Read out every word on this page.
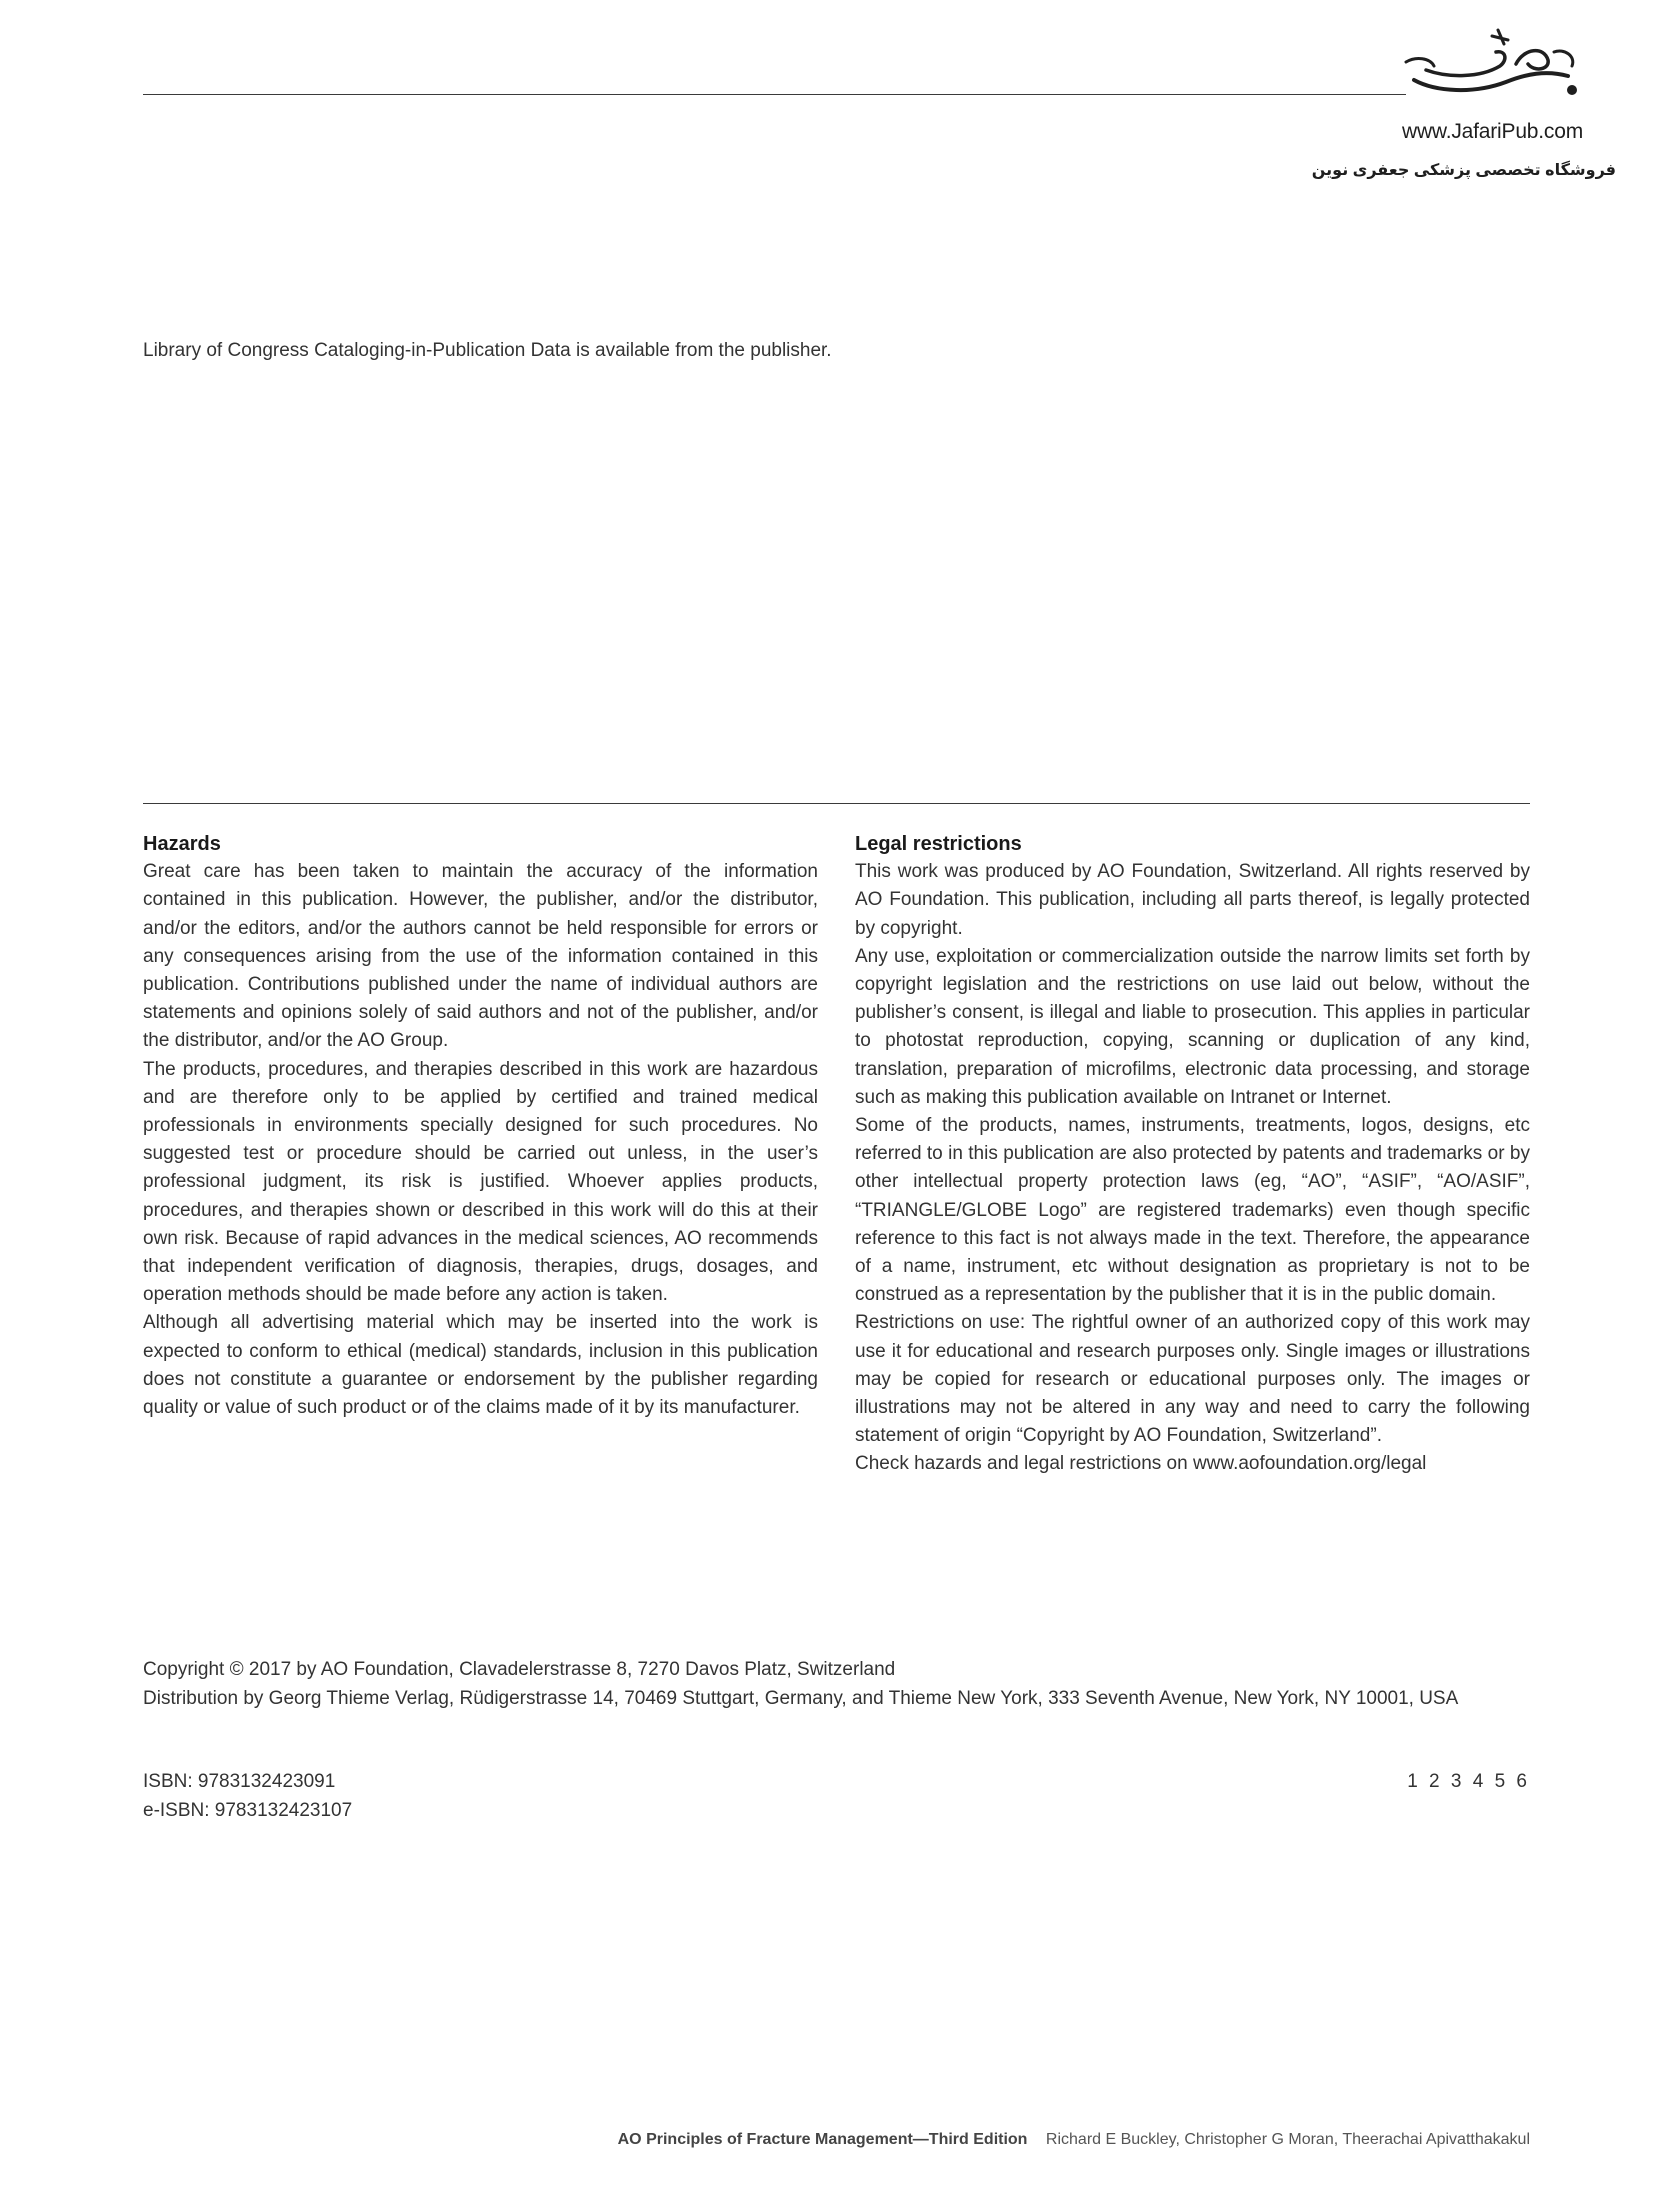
www.JafariPub.com
فروشگاه تخصصی پزشکی جعفری نوین
Library of Congress Cataloging-in-Publication Data is available from the publisher.
Hazards

Great care has been taken to maintain the accuracy of the information contained in this publication. However, the publisher, and/or the distributor, and/or the editors, and/or the authors cannot be held responsible for errors or any consequences arising from the use of the information contained in this publication. Contributions published under the name of individual authors are statements and opinions solely of said authors and not of the publisher, and/or the distributor, and/or the AO Group.

The products, procedures, and therapies described in this work are hazardous and are therefore only to be applied by certified and trained medical professionals in environments specially designed for such procedures. No suggested test or procedure should be carried out unless, in the user’s professional judgment, its risk is justified. Whoever applies products, procedures, and therapies shown or described in this work will do this at their own risk. Because of rapid advances in the medical sciences, AO recommends that independent verification of diagnosis, therapies, drugs, dosages, and operation methods should be made before any action is taken.

Although all advertising material which may be inserted into the work is expected to conform to ethical (medical) standards, inclusion in this publication does not constitute a guarantee or endorsement by the publisher regarding quality or value of such product or of the claims made of it by its manufacturer.

Legal restrictions

This work was produced by AO Foundation, Switzerland. All rights reserved by AO Foundation. This publication, including all parts thereof, is legally protected by copyright.

Any use, exploitation or commercialization outside the narrow limits set forth by copyright legislation and the restrictions on use laid out below, without the publisher’s consent, is illegal and liable to prosecution. This applies in particular to photostat reproduction, copying, scanning or duplication of any kind, translation, preparation of microfilms, electronic data processing, and storage such as making this publication available on Intranet or Internet.

Some of the products, names, instruments, treatments, logos, designs, etc referred to in this publication are also protected by patents and trademarks or by other intellectual property protection laws (eg, “AO”, “ASIF”, “AO/ASIF”, “TRIANGLE/GLOBE Logo” are registered trademarks) even though specific reference to this fact is not always made in the text. Therefore, the appearance of a name, instrument, etc without designation as proprietary is not to be construed as a representation by the publisher that it is in the public domain.

Restrictions on use: The rightful owner of an authorized copy of this work may use it for educational and research purposes only. Single images or illustrations may be copied for research or educational purposes only. The images or illustrations may not be altered in any way and need to carry the following statement of origin “Copyright by AO Foundation, Switzerland”.

Check hazards and legal restrictions on www.aofoundation.org/legal

Copyright © 2017 by AO Foundation, Clavadelerstrasse 8, 7270 Davos Platz, Switzerland
Distribution by Georg Thieme Verlag, Rüdigerstrasse 14, 70469 Stuttgart, Germany, and Thieme New York, 333 Seventh Avenue, New York, NY 10001, USA
ISBN: 9783132423091
e-ISBN: 9783132423107
1 2 3 4 5 6
AO Principles of Fracture Management—Third Edition Richard E Buckley, Christopher G Moran, Theerachai Apivatthakakul
